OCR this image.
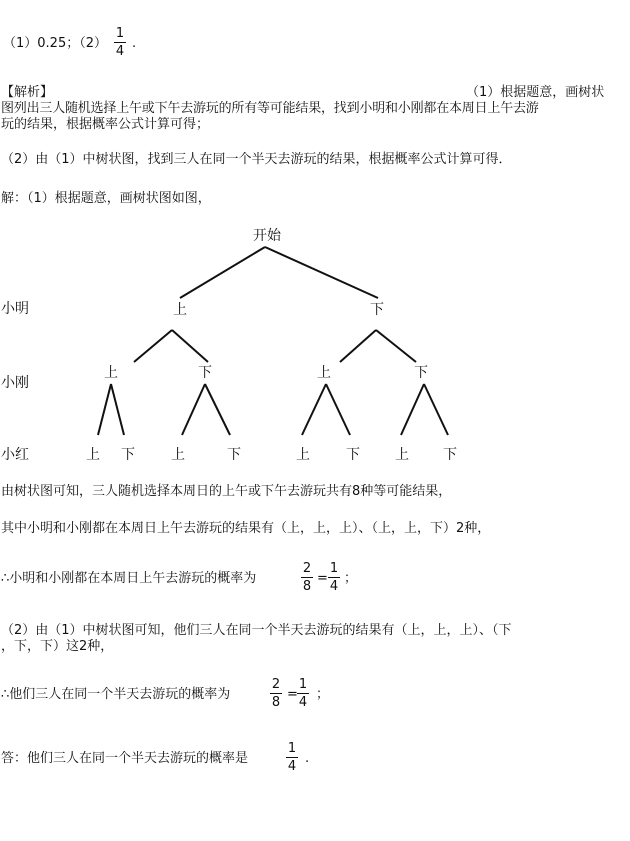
（1）0.25；（2）
1
4
.
【解析】	（1）根据题意，画树状
图列出三人随机选择上午或下午去游玩的所有等可能结果，找到小明和小刚都在本周日上午去游
玩的结果，根据概率公式计算可得；
（2）由（1）中树状图，找到三人在同一个半天去游玩的结果，根据概率公式计算可得．
解：（1）根据题意，画树状图如图，
开始
小明
小刚
小红
上	下
上	下	上	下
上 下	上	下	上	下	上 下
由树状图可知，三人随机选择本周日的上午或下午去游玩共有8种等可能结果，
其中小明和小刚都在本周日上午去游玩的结果有（上，上，上）、（上，上，下）2种，
∴小明和小刚都在本周日上午去游玩的概率为
2
8
=
1
4
；
（2）由（1）中树状图可知，他们三人在同一个半天去游玩的结果有（上，上，上）、（下
，下，下）这2种，
∴他们三人在同一个半天去游玩的概率为
2
8
=
1
4
；
答：他们三人在同一个半天去游玩的概率是
1
4
.
